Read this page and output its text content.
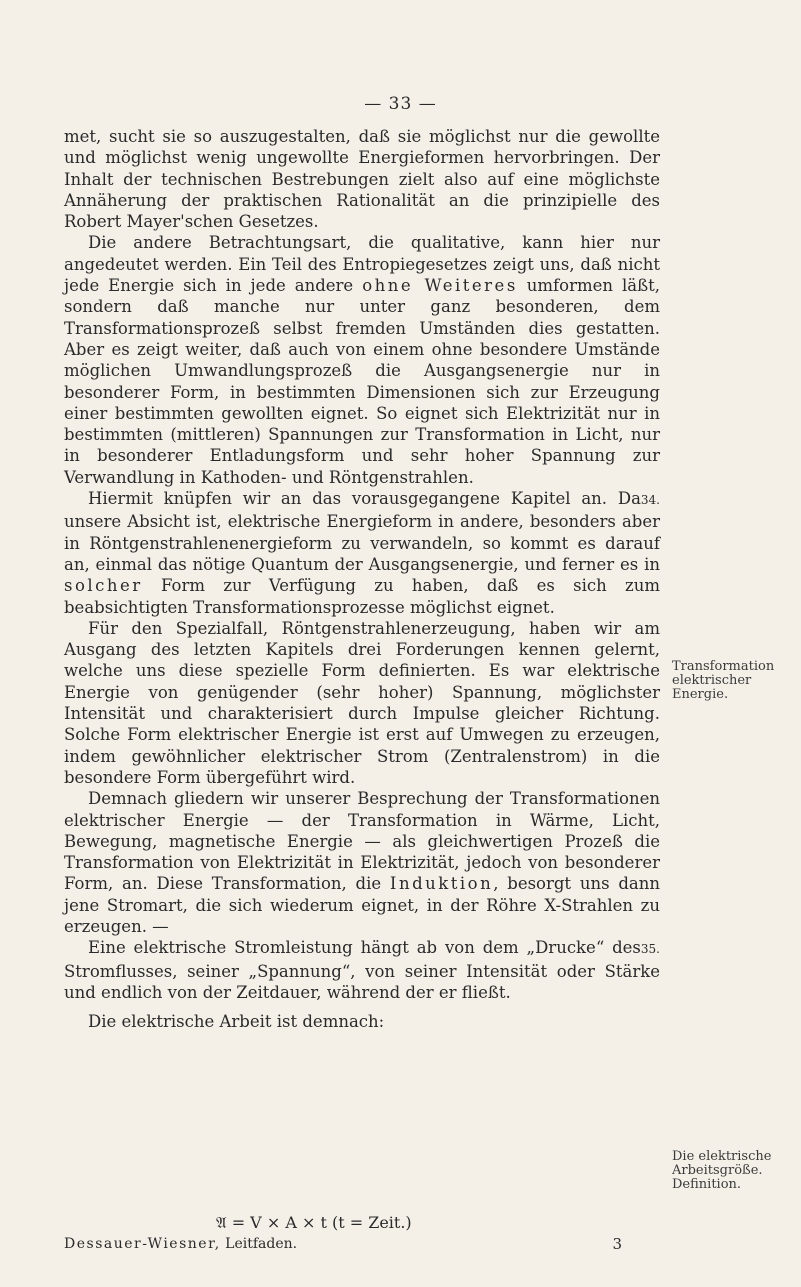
— 33 —

met, sucht sie so auszugestalten, daß sie möglichst nur die gewollte und möglichst wenig ungewollte Energieformen hervorbringen. Der Inhalt der technischen Bestrebungen zielt also auf eine möglichste Annäherung der praktischen Rationalität an die prinzipielle des Robert Mayer'schen Gesetzes.

Die andere Betrachtungsart, die qualitative, kann hier nur angedeutet werden. Ein Teil des Entropiegesetzes zeigt uns, daß nicht jede Energie sich in jede andere ohne Weiteres umformen läßt, sondern daß manche nur unter ganz besonderen, dem Transformationsprozeß selbst fremden Umständen dies gestatten. Aber es zeigt weiter, daß auch von einem ohne besondere Umstände möglichen Umwandlungsprozeß die Ausgangsenergie nur in besonderer Form, in bestimmten Dimensionen sich zur Erzeugung einer bestimmten gewollten eignet. So eignet sich Elektrizität nur in bestimmten (mittleren) Spannungen zur Transformation in Licht, nur in besonderer Entladungsform und sehr hoher Spannung zur Verwandlung in Kathoden- und Röntgenstrahlen.

Hiermit knüpfen wir an das vorausgegangene Kapitel an. Da34. unsere Absicht ist, elektrische Energieform in andere, besonders aber in Röntgenstrahlenenergieform zu verwandeln, so kommt es darauf an, einmal das nötige Quantum der Ausgangsenergie, und ferner es in solcher Form zur Verfügung zu haben, daß es sich zum beabsichtigten Transformationsprozesse möglichst eignet.

Für den Spezialfall, Röntgenstrahlenerzeugung, haben wir am Ausgang des letzten Kapitels drei Forderungen kennen gelernt, welche uns diese spezielle Form definierten. Es war elektrische Energie von genügender (sehr hoher) Spannung, möglichster Intensität und charakterisiert durch Impulse gleicher Richtung. Solche Form elektrischer Energie ist erst auf Umwegen zu erzeugen, indem gewöhnlicher elektrischer Strom (Zentralenstrom) in die besondere Form übergeführt wird.

Demnach gliedern wir unserer Besprechung der Transformationen elektrischer Energie — der Transformation in Wärme, Licht, Bewegung, magnetische Energie — als gleichwertigen Prozeß die Transformation von Elektrizität in Elektrizität, jedoch von besonderer Form, an. Diese Transformation, die Induktion, besorgt uns dann jene Stromart, die sich wiederum eignet, in der Röhre X-Strahlen zu erzeugen. —

Eine elektrische Stromleistung hängt ab von dem „Drucke“ des35. Stromflusses, seiner „Spannung“, von seiner Intensität oder Stärke und endlich von der Zeitdauer, während der er fließt.

Die elektrische Arbeit ist demnach:

Transformation elektrischer Energie.
Die elektrische Arbeitsgröße. Definition.
𝔄 = V × A × t (t = Zeit.)
Dessauer-Wiesner, Leitfaden.	3
